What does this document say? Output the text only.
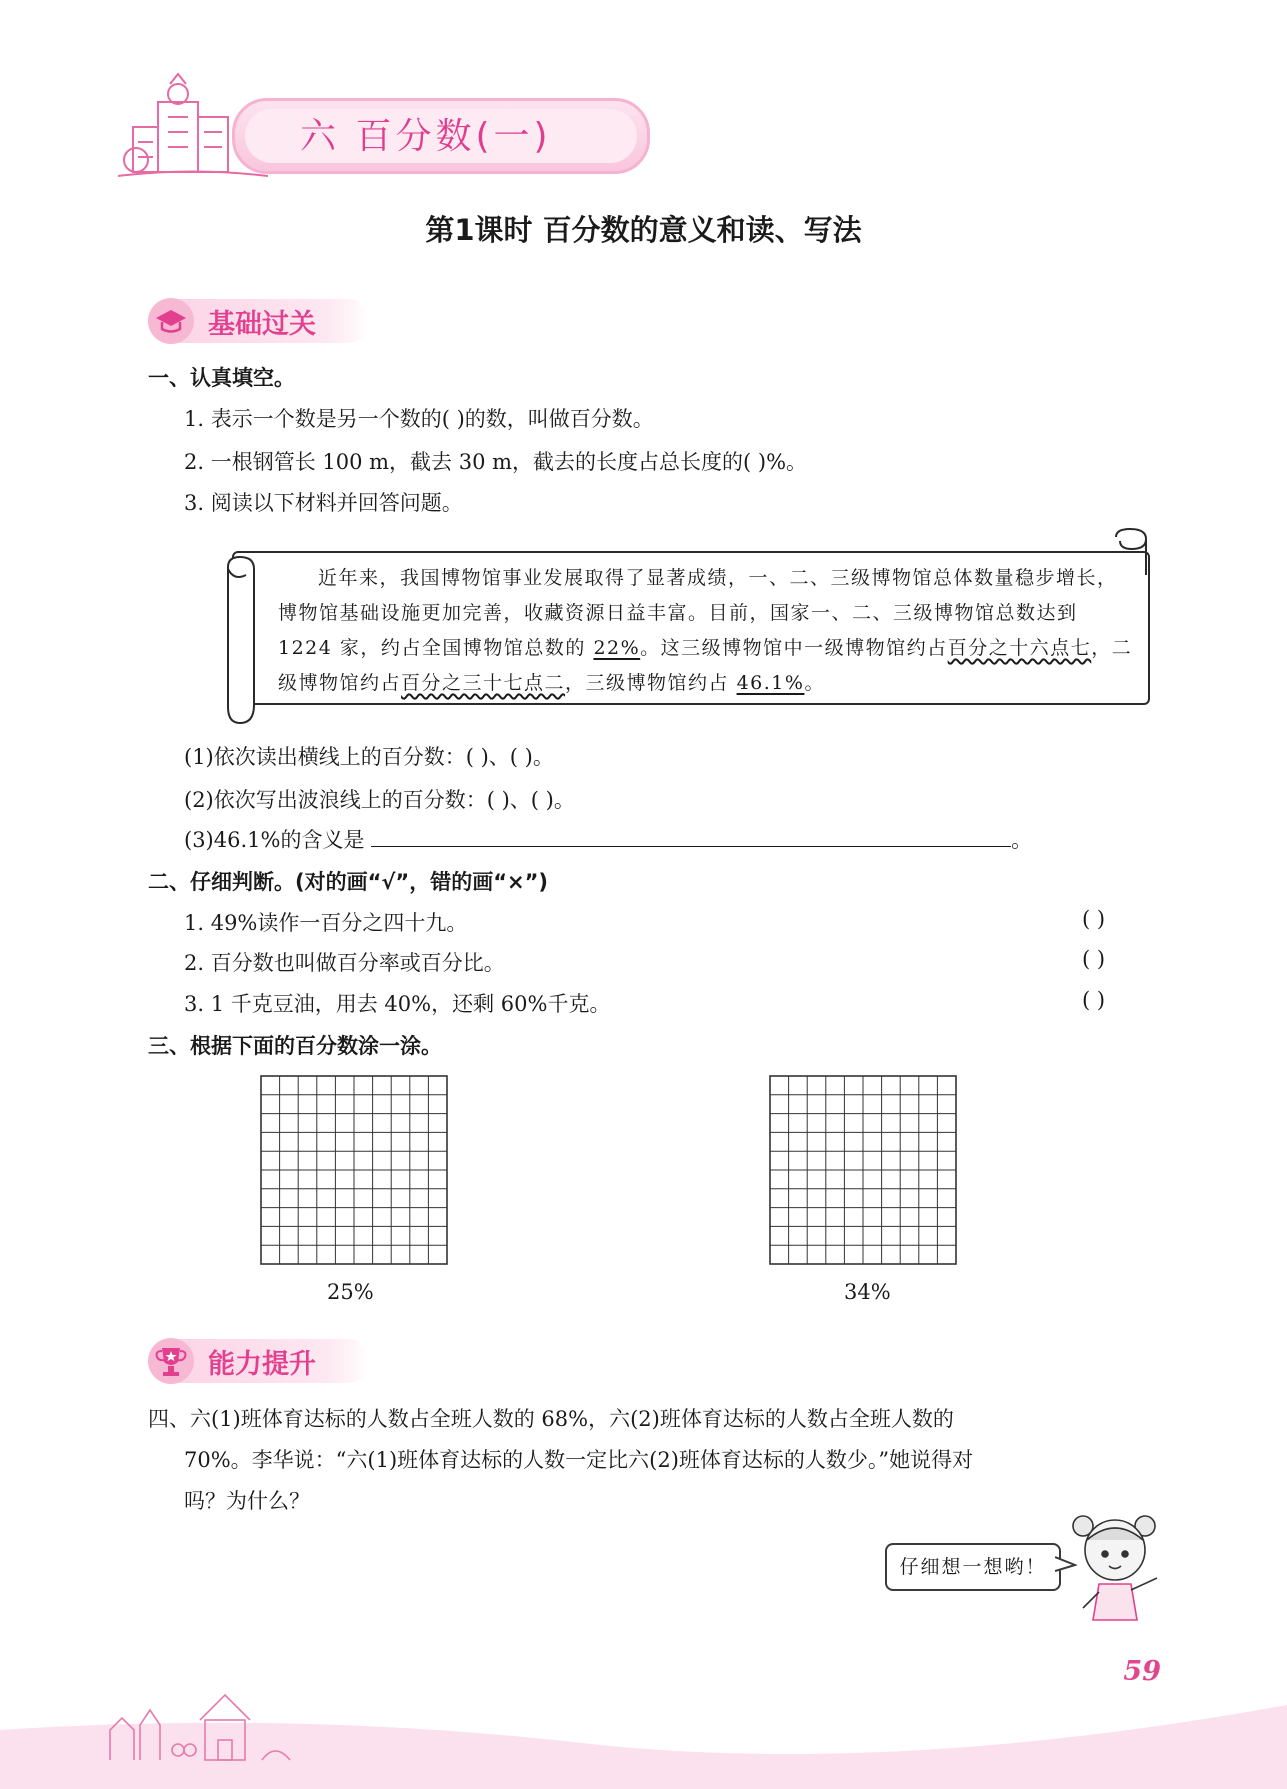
六 百分数(一)
第1课时 百分数的意义和读、写法
基础过关
一、认真填空。
1. 表示一个数是另一个数的( )的数，叫做百分数。
2. 一根钢管长 100 m，截去 30 m，截去的长度占总长度的( )%。
3. 阅读以下材料并回答问题。
近年来，我国博物馆事业发展取得了显著成绩，一、二、三级博物馆总体数量稳步增长，博物馆基础设施更加完善，收藏资源日益丰富。目前，国家一、二、三级博物馆总数达到 1224 家，约占全国博物馆总数的 22%。这三级博物馆中一级博物馆约占百分之十六点七，二级博物馆约占百分之三十七点二，三级博物馆约占 46.1%。
(1)依次读出横线上的百分数：( )、( )。
(2)依次写出波浪线上的百分数：( )、( )。
(3)46.1%的含义是	。
二、仔细判断。(对的画“√”，错的画“×”)
1. 49%读作一百分之四十九。	( )
2. 百分数也叫做百分率或百分比。	( )
3. 1 千克豆油，用去 40%，还剩 60%千克。	( )
三、根据下面的百分数涂一涂。
25%	34%
能力提升
四、六(1)班体育达标的人数占全班人数的 68%，六(2)班体育达标的人数占全班人数的
70%。李华说：“六(1)班体育达标的人数一定比六(2)班体育达标的人数少。”她说得对
吗？为什么？
仔细想一想哟！
59
